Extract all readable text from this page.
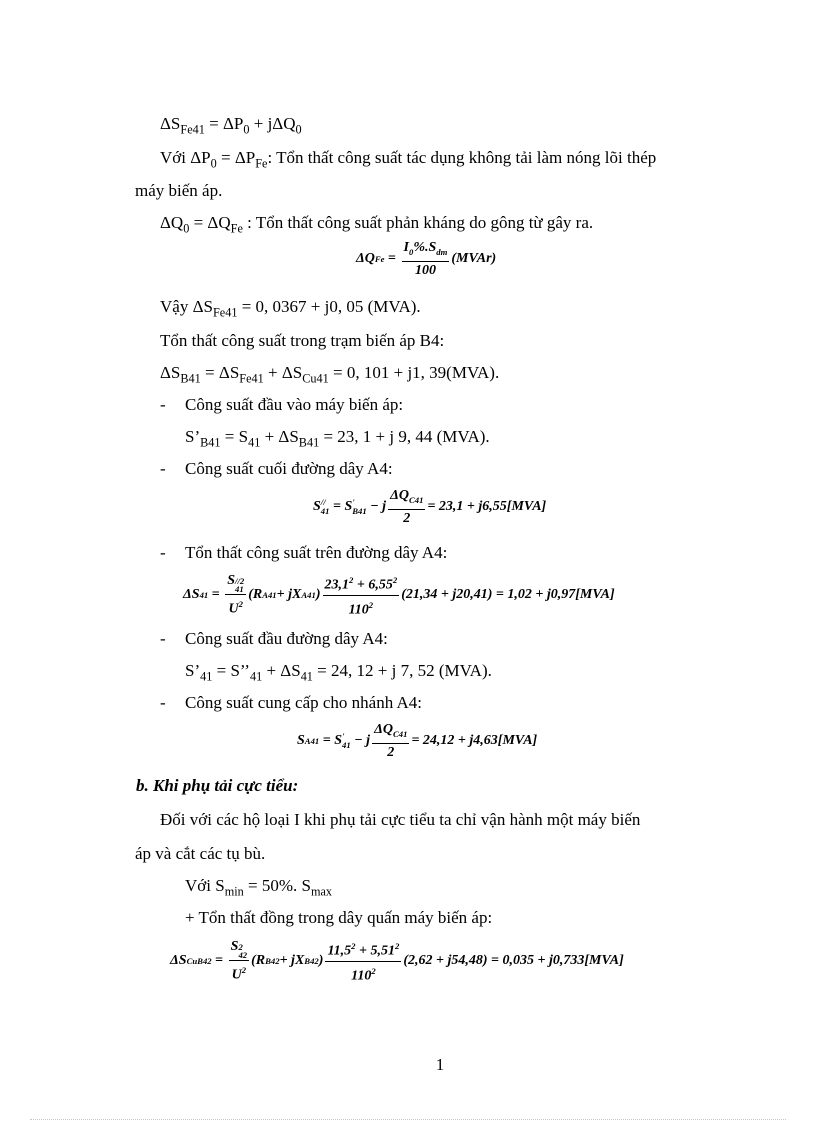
$\Delta S_{Fe41} = \Delta P_0 + j\Delta Q_0$
Với $\Delta P_0 = \Delta P_{Fe}$: Tổn thất công suất tác dụng không tải làm nóng lõi thép
máy biến áp.
$\Delta Q_0 = \Delta Q_{Fe}$ : Tổn thất công suất phản kháng do gông từ gây ra.
ΔQ $Fe = \frac{I_0\%.S_{dm}}{100}$ (MVAr)
Vậy $\Delta S_{Fe41} = 0$, 0367 + j0, 05 (MVA).
Tổn thất công suất trong trạm biến áp B4:
$\Delta S_{B41} = \Delta S_{Fe41} + \Delta S_{Cu41} = 0$, 101 + j1, 39(MVA).
- Công suất đầu vào máy biến áp:
$S’_{B41} = S_{41} + \Delta S_{B41} = 23$, 1 + j 9, 44 (MVA).
- Công suất cuối đường dây A4:
S //
41
= S '
B41
− j $\frac{\Delta Q_{C41}}{2} = 23,1 + j6,55[MVA]$
- Tổn thất công suất trên đường dây A4:
ΔS 41 = S //2
41
$U^2$ (R A41 + jX A41 ) $\frac{23,1^2 + 6,55^2}{110^2} (21,34 + j20,41) = 1,02 + j0,97[MVA]$
- Công suất đầu đường dây A4:
$S’_{41}$ = $S’’_{41} + \Delta S_{41} = 24$, 12 + j 7, 52 (MVA).
- Công suất cung cấp cho nhánh A4:
S A41
= S '
41
− j $\frac{\Delta Q_{C41}}{2} = 24,12 + j4,63[MVA]$
b. Khi phụ tải cực tiểu:
Đối với các hộ loại I khi phụ tải cực tiểu ta chỉ vận hành một máy biến
áp và cắt các tụ bù.
Với $S_{min} = 50\%$. $S_{max}$
+ Tổn thất đồng trong dây quấn máy biến áp:
ΔS CuB42 = S 2
42
$U^2$ (R B42 + jX B42 ) $\frac{11,5^2 + 5,51^2}{110^2} (2,62 + j54,48) = 0,035 + j0,733[MVA]$
1
